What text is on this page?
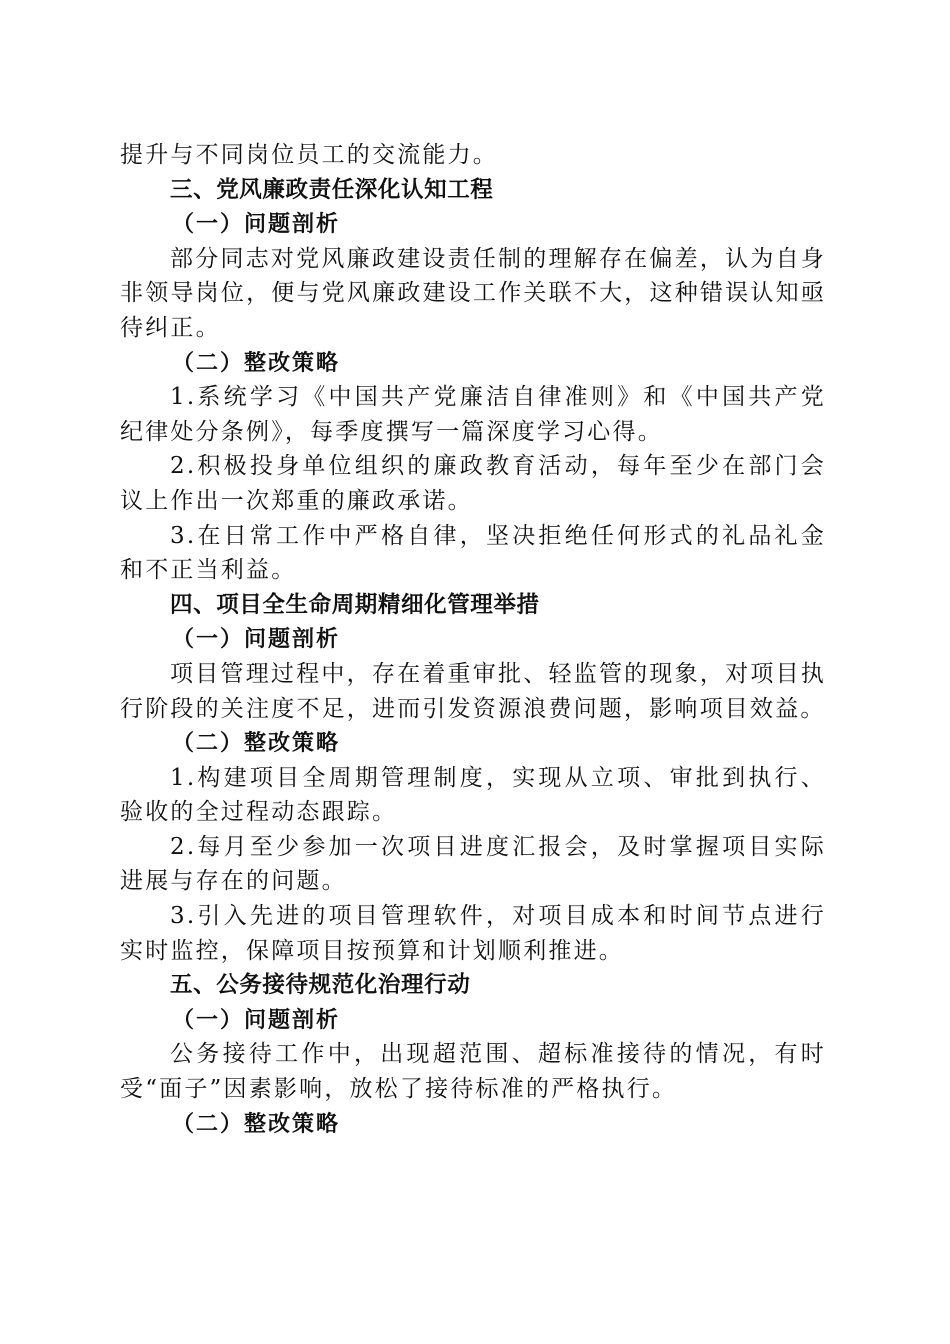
提升与不同岗位员工的交流能力。

三、党风廉政责任深化认知工程

（一）问题剖析

部分同志对党风廉政建设责任制的理解存在偏差，认为自身非领导岗位，便与党风廉政建设工作关联不大，这种错误认知亟待纠正。

（二）整改策略

1.系统学习《中国共产党廉洁自律准则》和《中国共产党纪律处分条例》，每季度撰写一篇深度学习心得。

2.积极投身单位组织的廉政教育活动，每年至少在部门会议上作出一次郑重的廉政承诺。

3.在日常工作中严格自律，坚决拒绝任何形式的礼品礼金和不正当利益。

四、项目全生命周期精细化管理举措

（一）问题剖析

项目管理过程中，存在着重审批、轻监管的现象，对项目执行阶段的关注度不足，进而引发资源浪费问题，影响项目效益。

（二）整改策略

1.构建项目全周期管理制度，实现从立项、审批到执行、验收的全过程动态跟踪。

2.每月至少参加一次项目进度汇报会，及时掌握项目实际进展与存在的问题。

3.引入先进的项目管理软件，对项目成本和时间节点进行实时监控，保障项目按预算和计划顺利推进。

五、公务接待规范化治理行动

（一）问题剖析

公务接待工作中，出现超范围、超标准接待的情况，有时受“面子”因素影响，放松了接待标准的严格执行。

（二）整改策略
